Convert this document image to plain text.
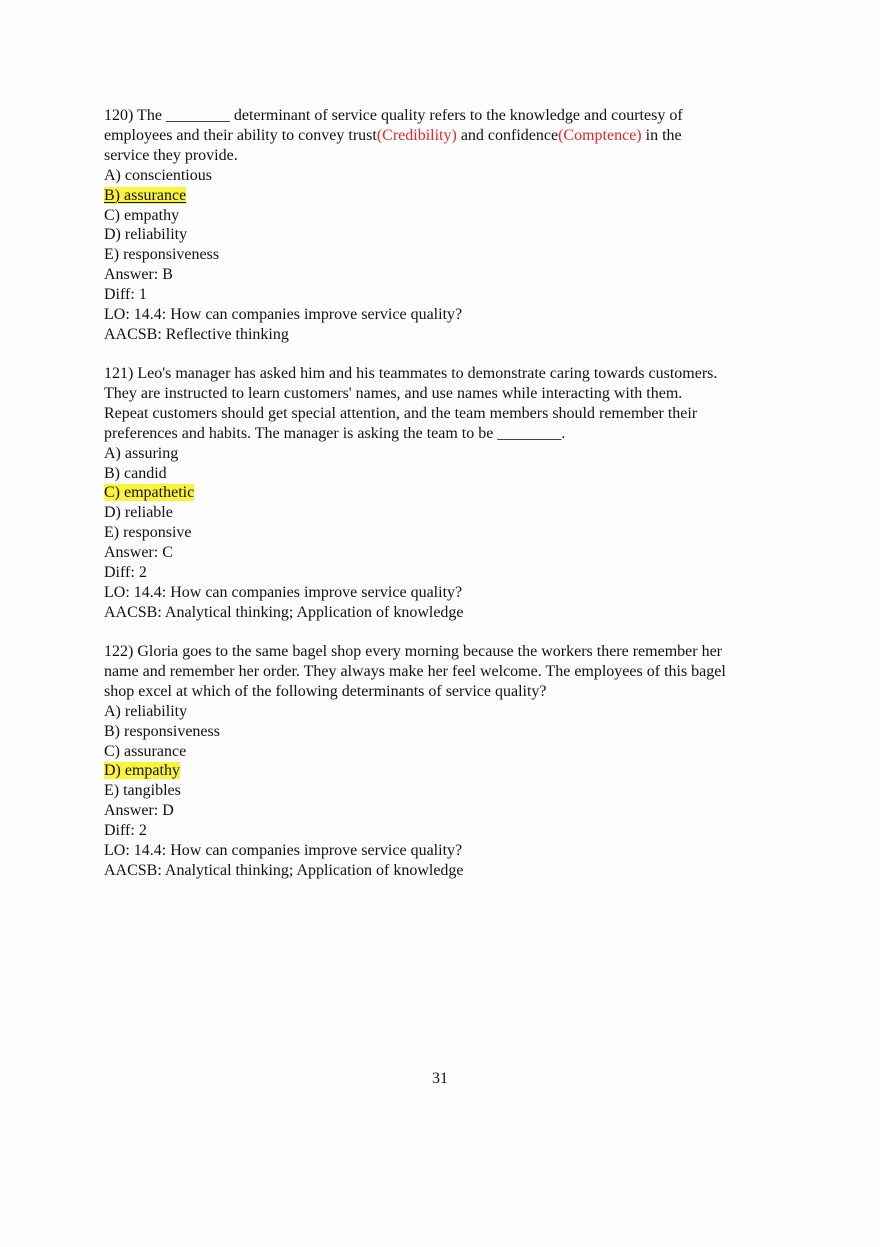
120) The ________ determinant of service quality refers to the knowledge and courtesy of
employees and their ability to convey trust(Credibility) and confidence(Comptence) in the
service they provide.
A) conscientious
B) assurance
C) empathy
D) reliability
E) responsiveness
Answer: B
Diff: 1
LO: 14.4: How can companies improve service quality?
AACSB: Reflective thinking
121) Leo's manager has asked him and his teammates to demonstrate caring towards customers.
They are instructed to learn customers' names, and use names while interacting with them.
Repeat customers should get special attention, and the team members should remember their
preferences and habits. The manager is asking the team to be ________.
A) assuring
B) candid
C) empathetic
D) reliable
E) responsive
Answer: C
Diff: 2
LO: 14.4: How can companies improve service quality?
AACSB: Analytical thinking; Application of knowledge
122) Gloria goes to the same bagel shop every morning because the workers there remember her
name and remember her order. They always make her feel welcome. The employees of this bagel
shop excel at which of the following determinants of service quality?
A) reliability
B) responsiveness
C) assurance
D) empathy
E) tangibles
Answer: D
Diff: 2
LO: 14.4: How can companies improve service quality?
AACSB: Analytical thinking; Application of knowledge
31
